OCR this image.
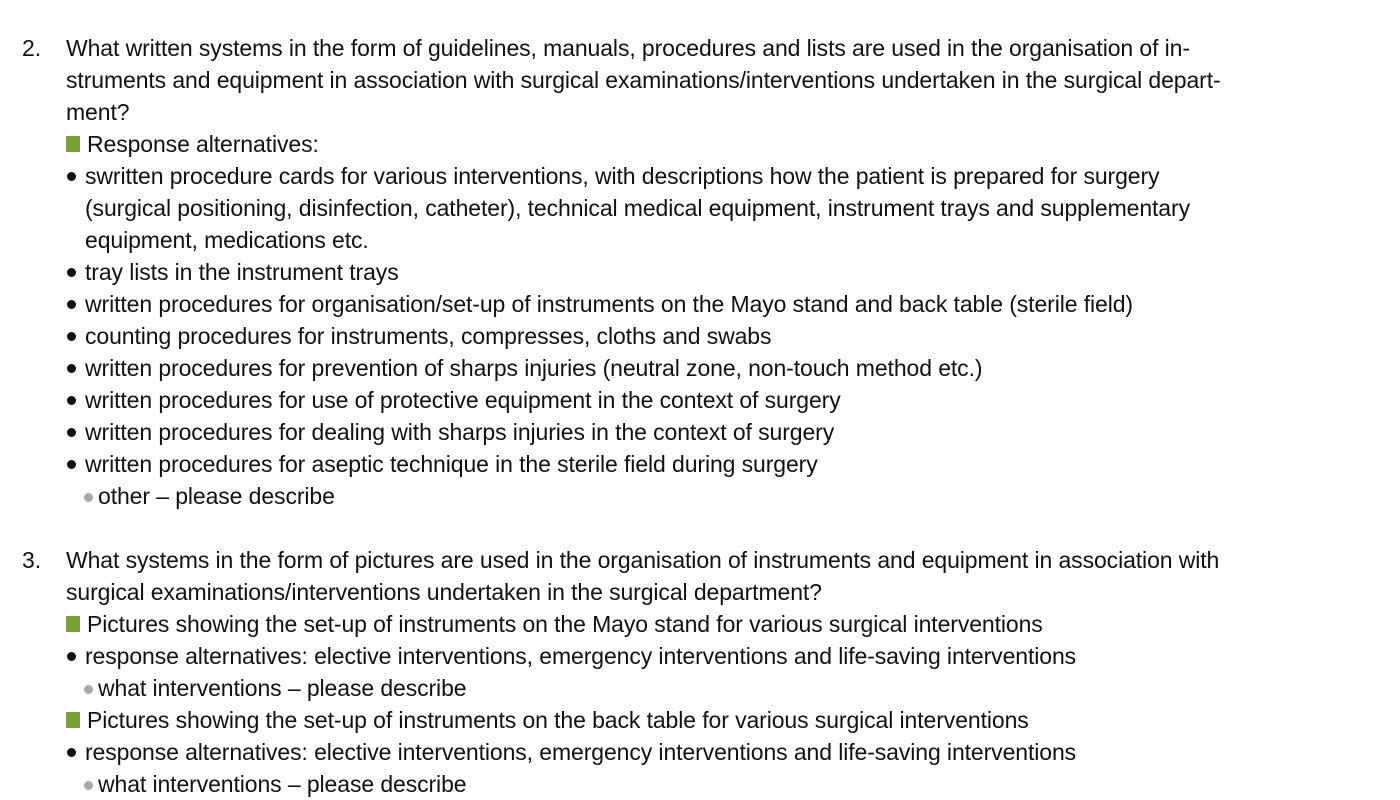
2. What written systems in the form of guidelines, manuals, procedures and lists are used in the organisation of in-
struments and equipment in association with surgical examinations/interventions undertaken in the surgical depart-
ment?
Response alternatives:
swritten procedure cards for various interventions, with descriptions how the patient is prepared for surgery
(surgical positioning, disinfection, catheter), technical medical equipment, instrument trays and supplementary
equipment, medications etc.
tray lists in the instrument trays
written procedures for organisation/set-up of instruments on the Mayo stand and back table (sterile field)
counting procedures for instruments, compresses, cloths and swabs
written procedures for prevention of sharps injuries (neutral zone, non-touch method etc.)
written procedures for use of protective equipment in the context of surgery
written procedures for dealing with sharps injuries in the context of surgery
written procedures for aseptic technique in the sterile field during surgery
other – please describe
3. What systems in the form of pictures are used in the organisation of instruments and equipment in association with
surgical examinations/interventions undertaken in the surgical department?
Pictures showing the set-up of instruments on the Mayo stand for various surgical interventions
response alternatives: elective interventions, emergency interventions and life-saving interventions
what interventions – please describe
Pictures showing the set-up of instruments on the back table for various surgical interventions
response alternatives: elective interventions, emergency interventions and life-saving interventions
what interventions – please describe
